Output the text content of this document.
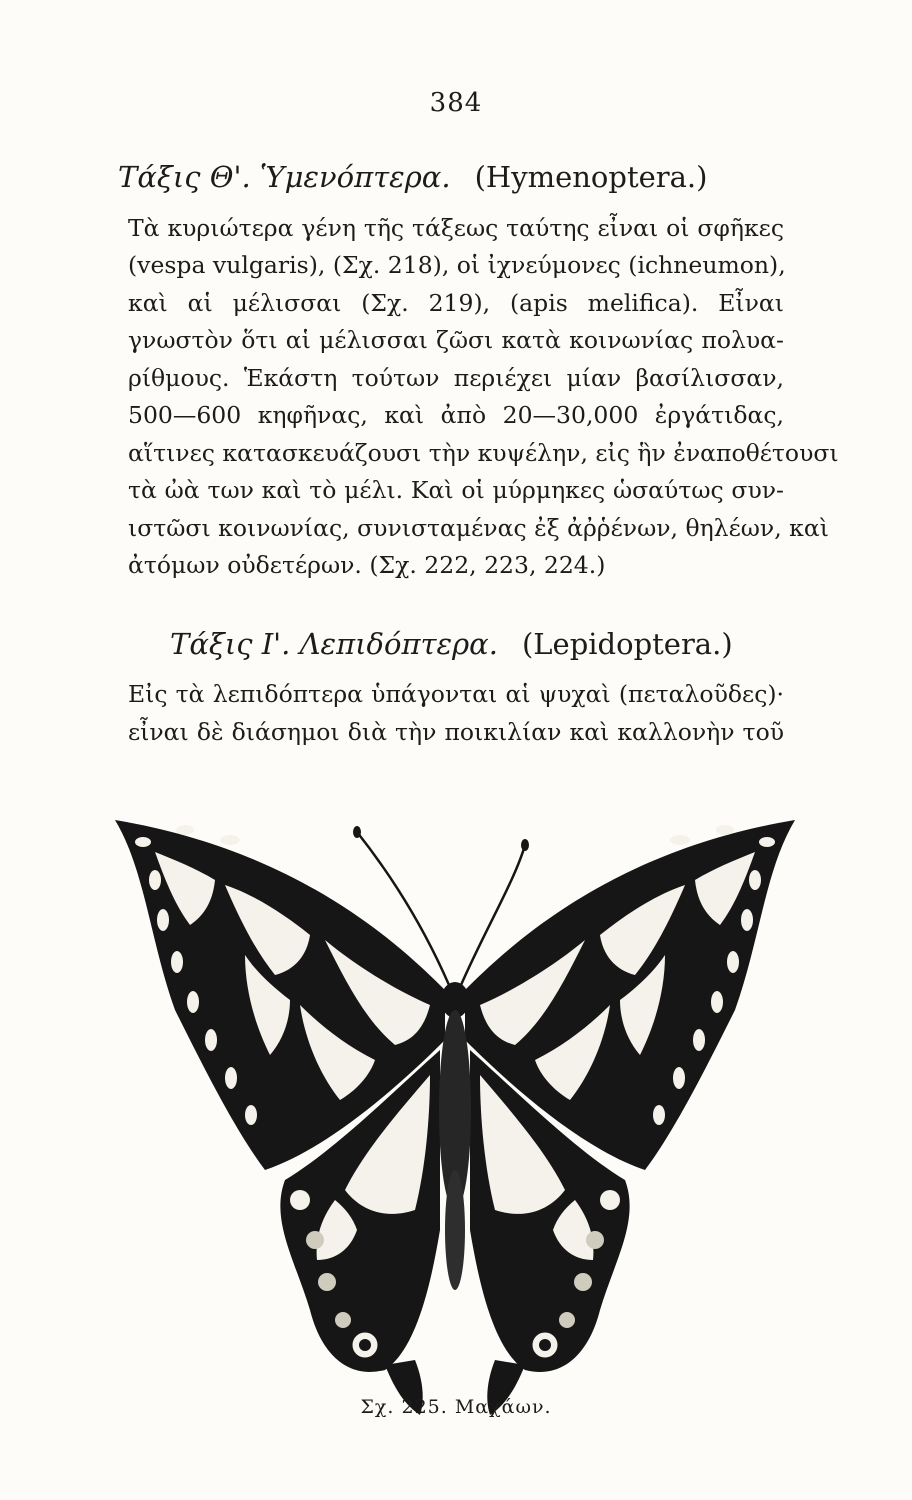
384
Τάξις Θ'. Ὑμενόπτερα. (Hymenoptera.)
Τὰ κυριώτερα γένη τῆς τάξεως ταύτης εἶναι οἱ σφῆκες
(vespa vulgaris), (Σχ. 218), οἱ ἰχνεύμονες (ichneumon),
καὶ αἱ μέλισσαι (Σχ. 219), (apis melifica). Εἶναι
γνωστὸν ὅτι αἱ μέλισσαι ζῶσι κατὰ κοινωνίας πολυα-
ρίθμους. Ἑκάστη τούτων περιέχει μίαν βασίλισσαν,
500—600 κηφῆνας, καὶ ἀπὸ 20—30,000 ἐργάτιδας,
αἵτινες κατασκευάζουσι τὴν κυψέλην, εἰς ἣν ἐναποθέτουσι
τὰ ὠὰ των καὶ τὸ μέλι. Καὶ οἱ μύρμηκες ὡσαύτως συν-
ιστῶσι κοινωνίας, συνισταμένας ἐξ ἀῤῥένων, θηλέων, καὶ
ἀτόμων οὐδετέρων. (Σχ. 222, 223, 224.)
Τάξις Ι'. Λεπιδόπτερα. (Lepidoptera.)
Εἰς τὰ λεπιδόπτερα ὑπάγονται αἱ ψυχαὶ (πεταλοῦδες)·
εἶναι δὲ διάσημοι διὰ τὴν ποικιλίαν καὶ καλλονὴν τοῦ
Σχ. 225. Μαχάων.
